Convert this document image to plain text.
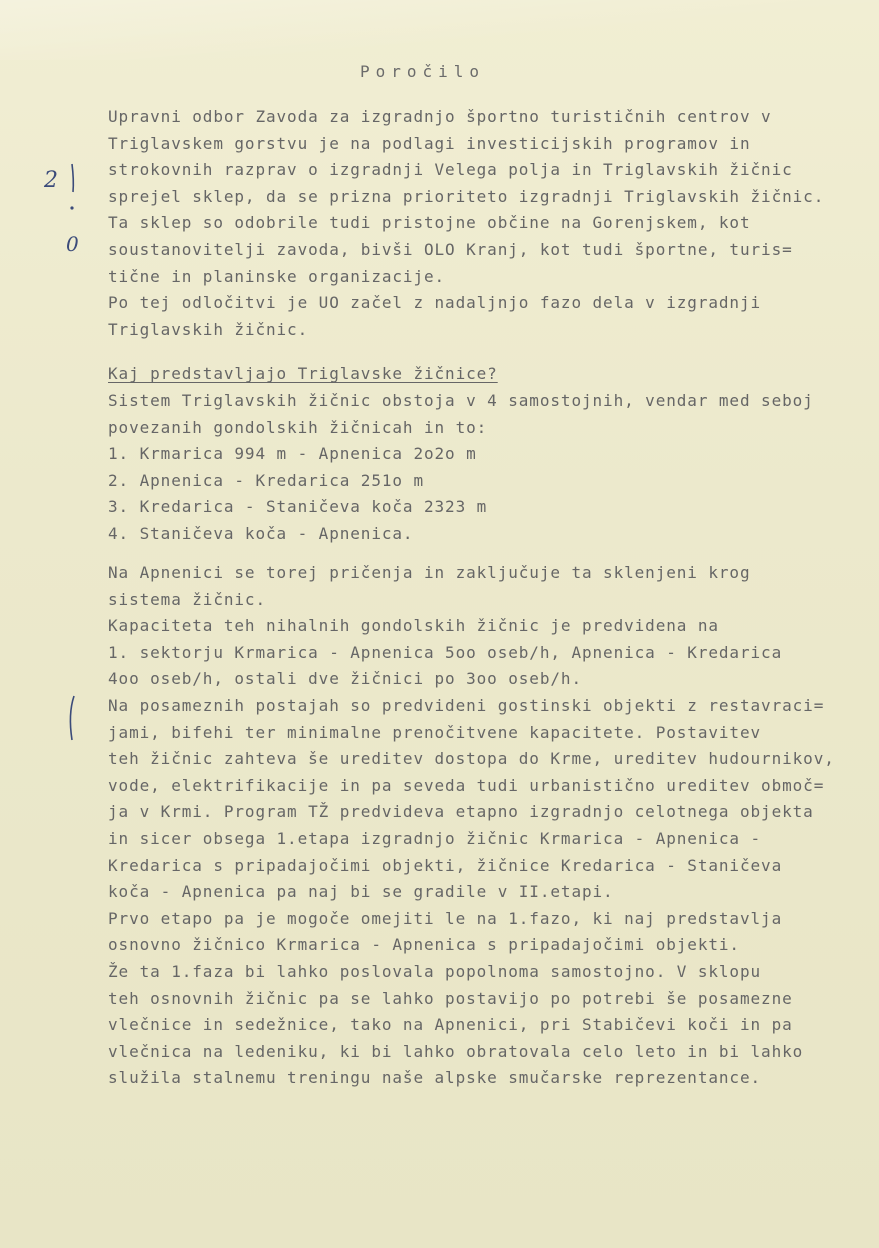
Poročilo
2
0
Upravni odbor Zavoda za izgradnjo športno turističnih centrov v
Triglavskem gorstvu je na podlagi investicijskih programov in
strokovnih razprav o izgradnji Velega polja in Triglavskih žičnic
sprejel sklep, da se prizna prioriteto izgradnji Triglavskih žičnic.
Ta sklep so odobrile tudi pristojne občine na Gorenjskem, kot
soustanovitelji zavoda, bivši OLO Kranj, kot tudi športne, turis=
tične in planinske organizacije.
Po tej odločitvi je UO začel z nadaljnjo fazo dela v izgradnji
Triglavskih žičnic.
Kaj predstavljajo Triglavske žičnice?
Sistem Triglavskih žičnic obstoja v 4 samostojnih, vendar med seboj
povezanih gondolskih žičnicah in to:
1. Krmarica 994 m - Apnenica 2o2o m
2. Apnenica - Kredarica 251o m
3. Kredarica - Staničeva koča 2323 m
4. Staničeva koča - Apnenica.
Na Apnenici se torej pričenja in zaključuje ta sklenjeni krog
sistema žičnic.
Kapaciteta teh nihalnih gondolskih žičnic je predvidena na
1. sektorju Krmarica - Apnenica 5oo oseb/h, Apnenica - Kredarica
4oo oseb/h, ostali dve žičnici po 3oo oseb/h.
Na posameznih postajah so predvideni gostinski objekti z restavraci=
jami, bifehi ter minimalne prenočitvene kapacitete. Postavitev
teh žičnic zahteva še ureditev dostopa do Krme, ureditev hudournikov,
vode, elektrifikacije in pa seveda tudi urbanistično ureditev območ=
ja v Krmi. Program TŽ predvideva etapno izgradnjo celotnega objekta
in sicer obsega 1.etapa izgradnjo žičnic Krmarica - Apnenica -
Kredarica s pripadajočimi objekti, žičnice Kredarica - Staničeva
koča - Apnenica pa naj bi se gradile v II.etapi.
Prvo etapo pa je mogoče omejiti le na 1.fazo, ki naj predstavlja
osnovno žičnico Krmarica - Apnenica s pripadajočimi objekti.
Že ta 1.faza bi lahko poslovala popolnoma samostojno. V sklopu
teh osnovnih žičnic pa se lahko postavijo po potrebi še posamezne
vlečnice in sedežnice, tako na Apnenici, pri Stabičevi koči in pa
vlečnica na ledeniku, ki bi lahko obratovala celo leto in bi lahko
služila stalnemu treningu naše alpske smučarske reprezentance.
